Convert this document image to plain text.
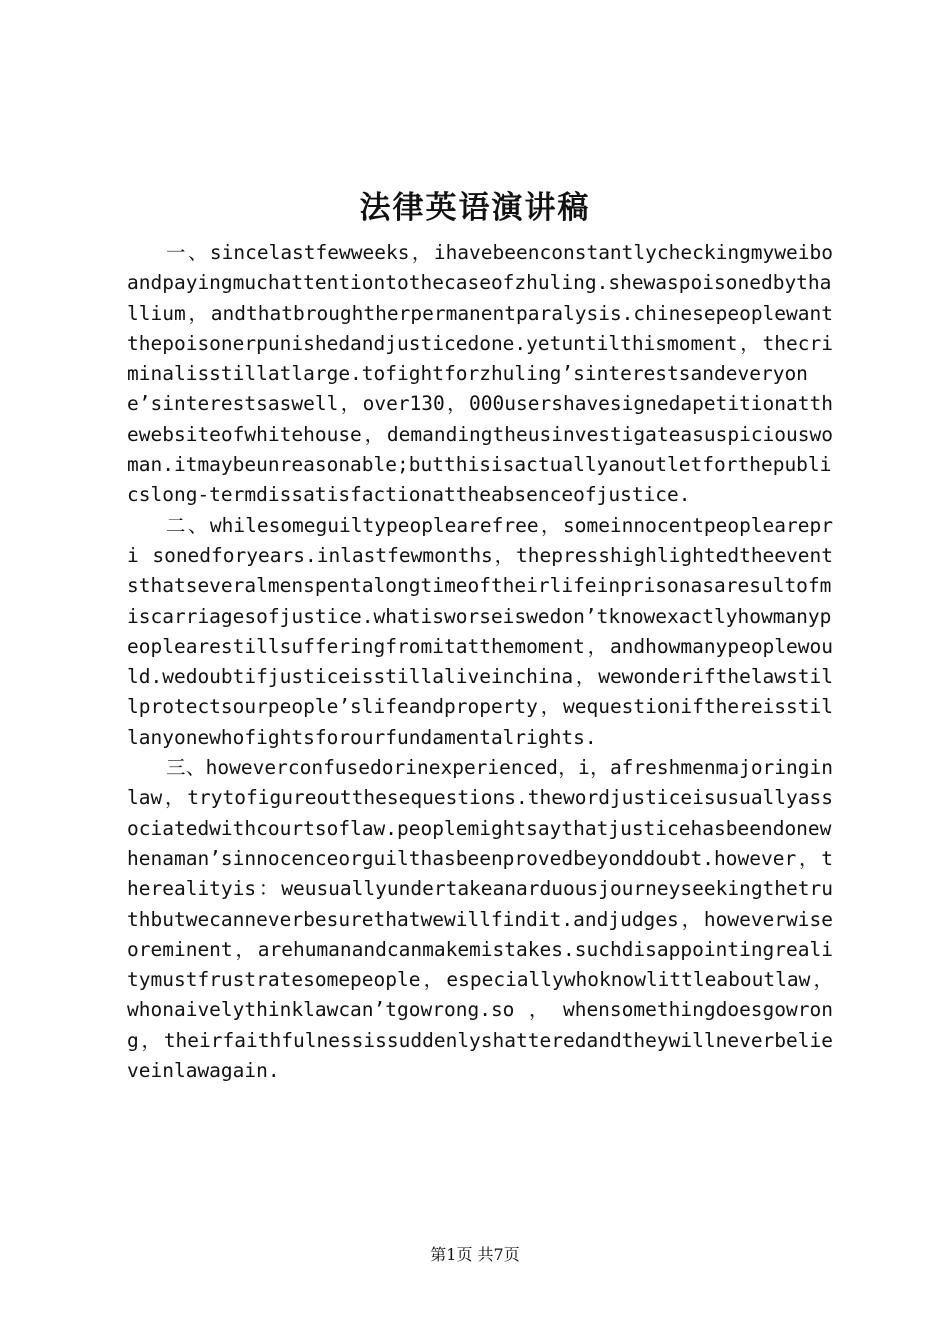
法律英语演讲稿

一、sincelastfewweeks，ihavebeenconstantlycheckingmyweiboandpayingmuchattentiontothecaseofzhuling.shewaspoisonedbythallium，andthatbroughtherpermanentparalysis.chinesepeoplewantthepoisonerpunishedandjusticedone.yetuntilthismoment，thecriminalisstillatlarge.tofightforzhuling’sinterestsandeveryone’sinterestsaswell，over130，000usershavesignedapetitionatthewebsiteofwhitehouse，demandingtheusinvestigateasuspiciouswoman.itmaybeunreasonable;butthisisactuallyanoutletforthepublicslong-termdissatisfactionattheabsenceofjustice.

二、whilesomeguiltypeoplearefree，someinnocentpeoplearepri sonedforyears.inlastfewmonths，thepresshighlightedtheeventsthatseveralmenspentalongtimeoftheirlifeinprisonasaresultofmiscarriagesofjustice.whatisworseiswedon’tknowexactlyhowmanypeoplearestillsufferingfromitatthemoment，andhowmanypeoplewould.wedoubtifjusticeisstillaliveinchina，wewonderifthelawstillprotectsourpeople’slifeandproperty，wequestionifthereisstillanyonewhofightsforourfundamentalrights.

三、howeverconfusedorinexperienced，i，afreshmenmajoringinlaw，trytofigureoutthesequestions.thewordjusticeisusuallyassociatedwithcourtsoflaw.peoplemightsaythatjusticehasbeendonewhenaman’sinnocenceorguilthasbeenprovedbeyonddoubt.however，therealityis：weusuallyundertakeanarduousjourneyseekingthetruthbutwecanneverbesurethatwewillfindit.andjudges，howeverwiseoreminent，arehumanandcanmakemistakes.suchdisappointingrealitymustfrustratesomepeople，especiallywhoknowlittleaboutlaw，whonaivelythinklawcan’tgowrong.so，whensomethingdoesgowrong，theirfaithfulnessissuddenlyshatteredandtheywillneverbelieveinlawagain.

第1页 共7页
